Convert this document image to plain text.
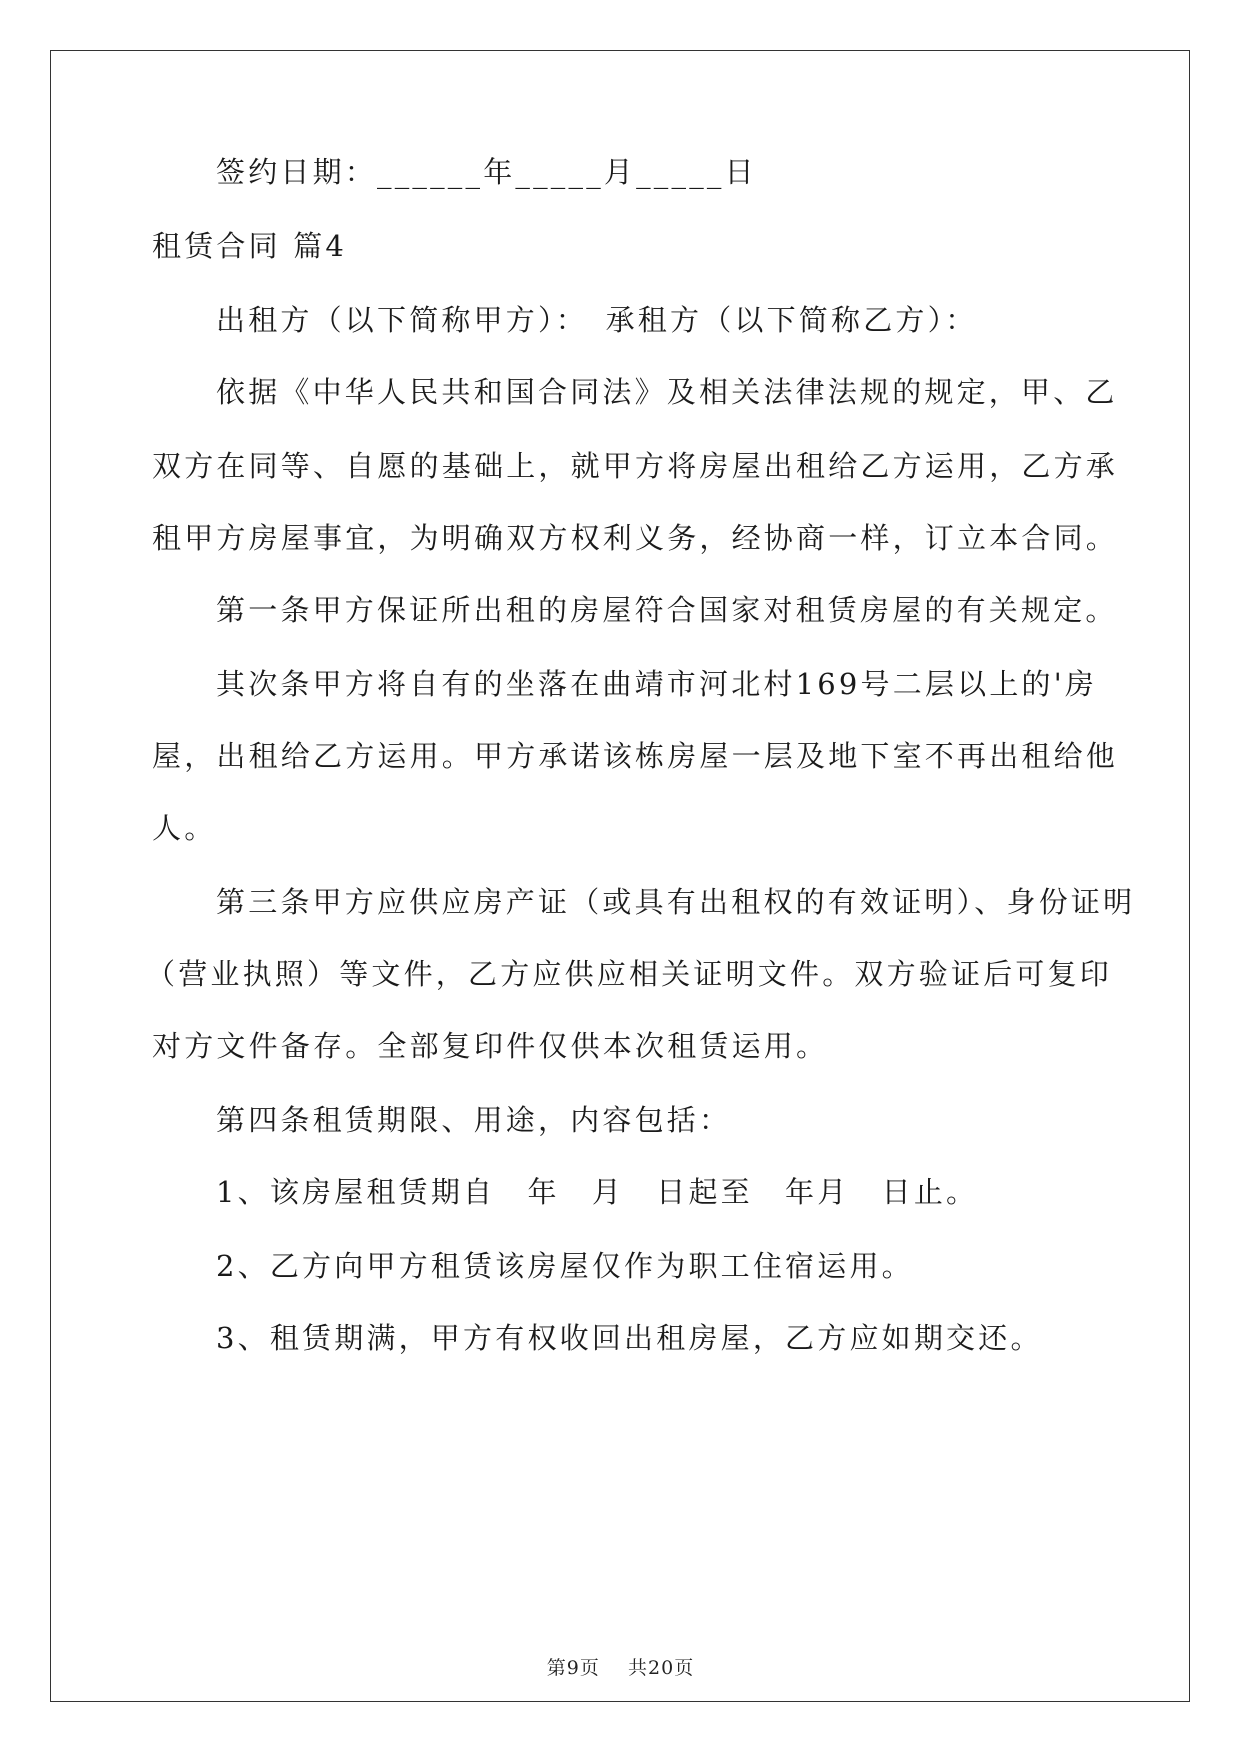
签约日期：______年_____月_____日
租赁合同 篇4
出租方（以下简称甲方）：　承租方（以下简称乙方）：
依据《中华人民共和国合同法》及相关法律法规的规定，甲、乙
双方在同等、自愿的基础上，就甲方将房屋出租给乙方运用，乙方承
租甲方房屋事宜，为明确双方权利义务，经协商一样，订立本合同。
第一条甲方保证所出租的房屋符合国家对租赁房屋的有关规定。
其次条甲方将自有的坐落在曲靖市河北村169号二层以上的'房
屋，出租给乙方运用。甲方承诺该栋房屋一层及地下室不再出租给他
人。
第三条甲方应供应房产证（或具有出租权的有效证明）、身份证明
（营业执照）等文件，乙方应供应相关证明文件。双方验证后可复印
对方文件备存。全部复印件仅供本次租赁运用。
第四条租赁期限、用途，内容包括：
1、该房屋租赁期自　年　月　日起至　年月　日止。
2、乙方向甲方租赁该房屋仅作为职工住宿运用。
3、租赁期满，甲方有权收回出租房屋，乙方应如期交还。
第9页 共20页
